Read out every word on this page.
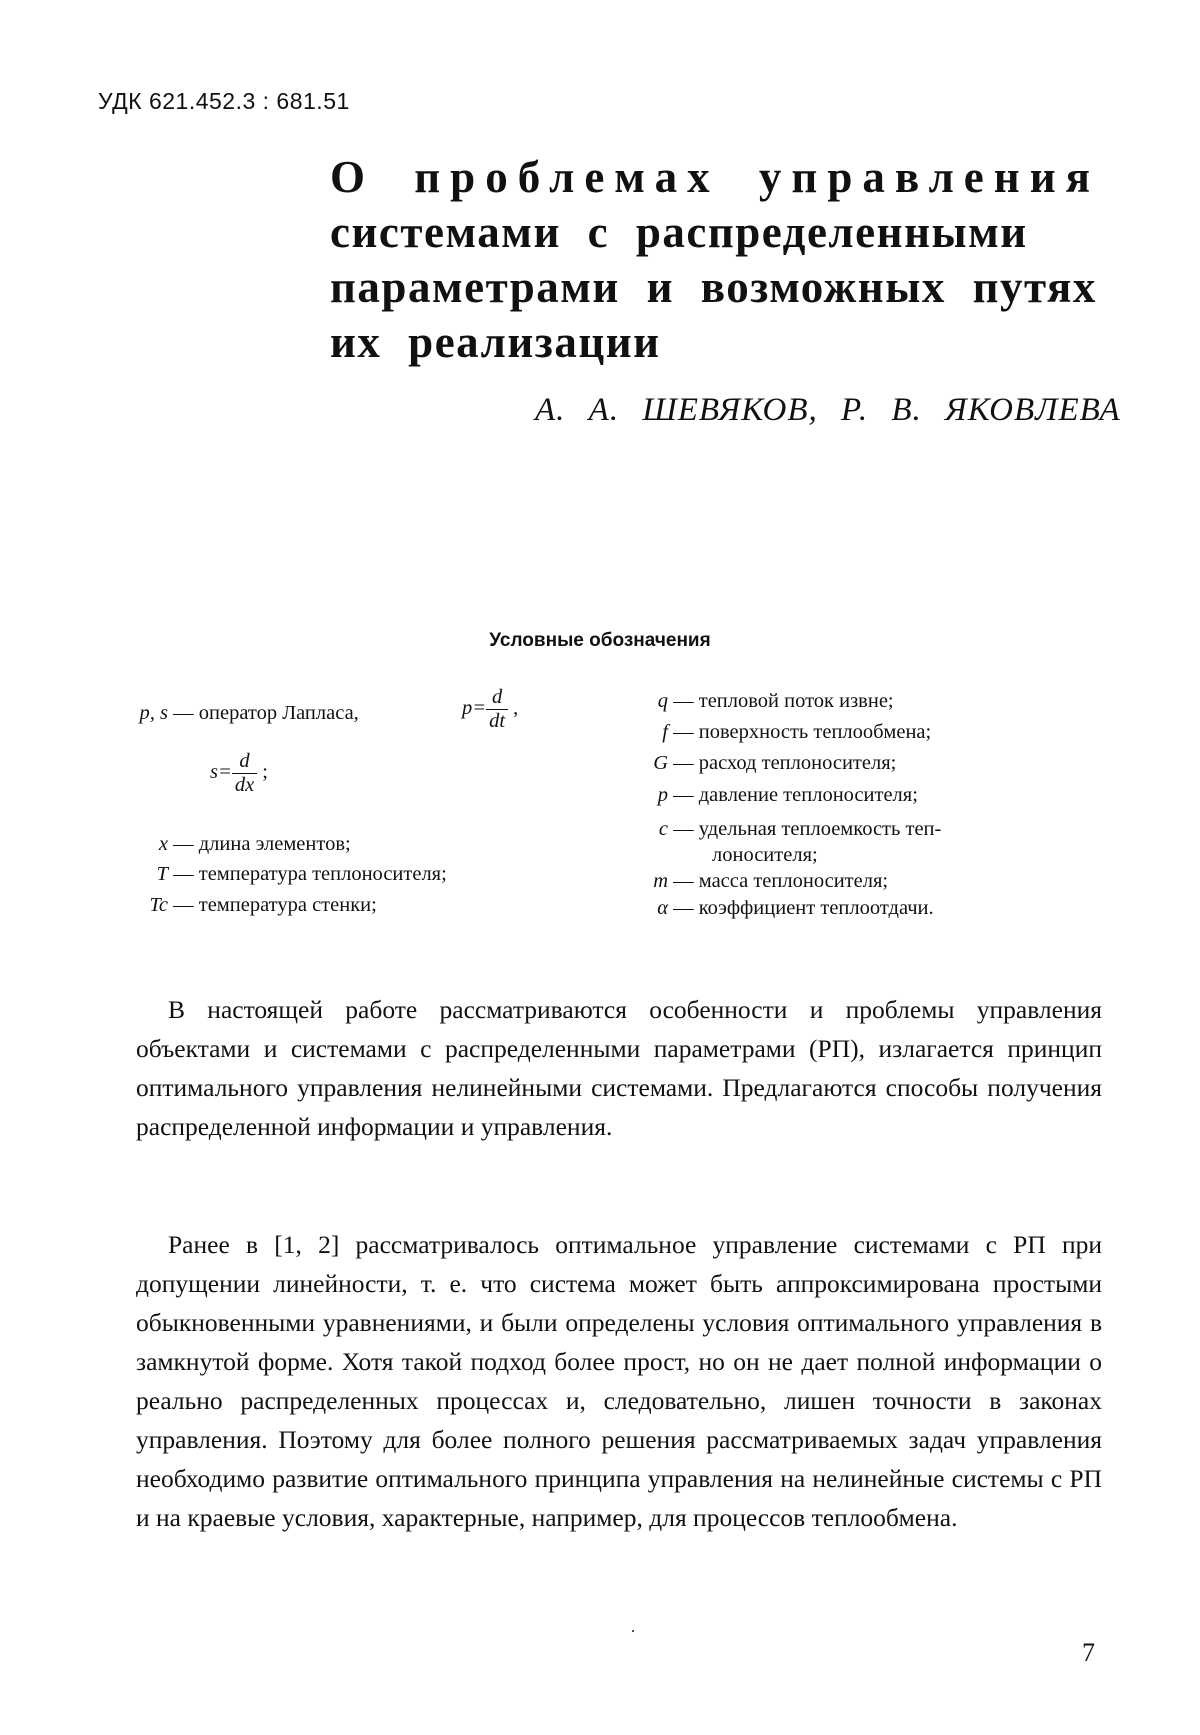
УДК 621.452.3 : 681.51
О проблемах управления
системами с распределенными
параметрами и возможных путях
их реализации
А. А. ШЕВЯКОВ, Р. В. ЯКОВЛЕВА
Условные обозначения
p, s — оператор Лапласа,	$p= \frac{d}{dt}$ ,
$s= \frac{d}{dx}$ ;
x — длина элементов;
T — температура теплоносителя;
Tc — температура стенки;
q — тепловой поток извне;
f — поверхность теплообмена;
G — расход теплоносителя;
p — давление теплоносителя;
c — удельная теплоемкость теп-
лоносителя;
m — масса теплоносителя;
α — коэффициент теплоотдачи.

В настоящей работе рассматриваются особенности и проблемы управления объектами и системами с распределенными параметрами (РП), излагается принцип оптимального управления нелинейными системами. Предлагаются способы получения распределенной информации и управления.

Ранее в [1, 2] рассматривалось оптимальное управление системами с РП при допущении линейности, т. е. что система может быть аппроксимирована простыми обыкновенными уравнениями, и были определены условия оптимального управления в замкнутой форме. Хотя такой подход более прост, но он не дает полной информации о реально распределенных процессах и, следовательно, лишен точности в законах управления. Поэтому для более полного решения рассматриваемых задач управления необходимо развитие оптимального принципа управления на нелинейные системы с РП и на краевые условия, характерные, например, для процессов теплообмена.

7
